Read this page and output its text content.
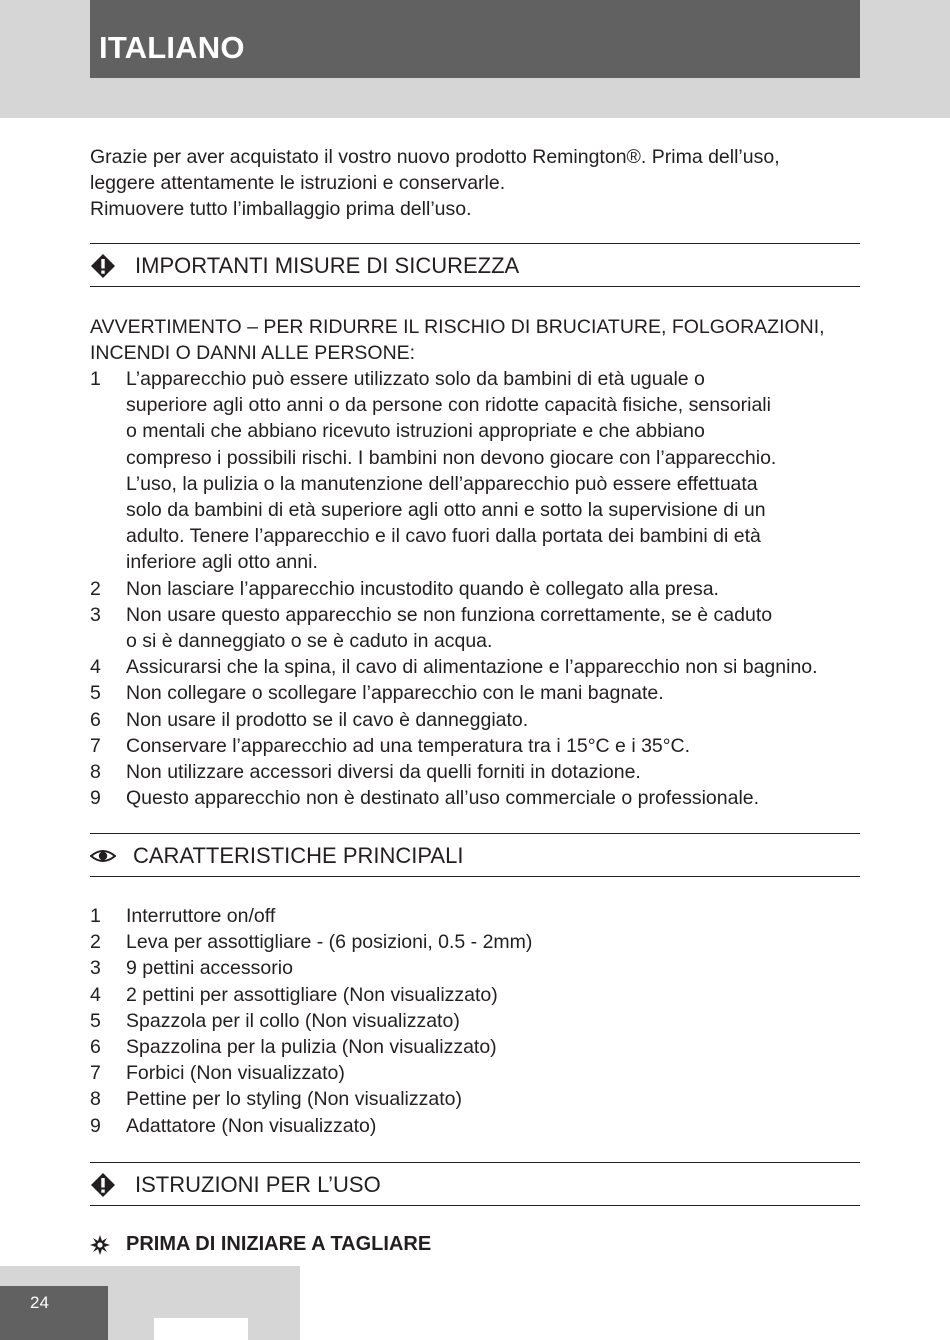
ITALIANO
Grazie per aver acquistato il vostro nuovo prodotto Remington®. Prima dell’uso,
leggere attentamente le istruzioni e conservarle.
Rimuovere tutto l’imballaggio prima dell’uso.
IMPORTANTI MISURE DI SICUREZZA
AVVERTIMENTO – PER RIDURRE IL RISCHIO DI BRUCIATURE, FOLGORAZIONI,
INCENDI O DANNI ALLE PERSONE:
1 L’apparecchio può essere utilizzato solo da bambini di età uguale o
superiore agli otto anni o da persone con ridotte capacità fisiche, sensoriali
o mentali che abbiano ricevuto istruzioni appropriate e che abbiano
compreso i possibili rischi. I bambini non devono giocare con l’apparecchio.
L’uso, la pulizia o la manutenzione dell’apparecchio può essere effettuata
solo da bambini di età superiore agli otto anni e sotto la supervisione di un
adulto. Tenere l’apparecchio e il cavo fuori dalla portata dei bambini di età
inferiore agli otto anni.
2 Non lasciare l’apparecchio incustodito quando è collegato alla presa.
3 Non usare questo apparecchio se non funziona correttamente, se è caduto
o si è danneggiato o se è caduto in acqua.
4 Assicurarsi che la spina, il cavo di alimentazione e l’apparecchio non si bagnino.
5 Non collegare o scollegare l’apparecchio con le mani bagnate.
6 Non usare il prodotto se il cavo è danneggiato.
7 Conservare l’apparecchio ad una temperatura tra i 15°C e i 35°C.
8 Non utilizzare accessori diversi da quelli forniti in dotazione.
9 Questo apparecchio non è destinato all’uso commerciale o professionale.
CARATTERISTICHE PRINCIPALI
1 Interruttore on/off
2 Leva per assottigliare - (6 posizioni, 0.5 - 2mm)
3 9 pettini accessorio
4 2 pettini per assottigliare (Non visualizzato)
5 Spazzola per il collo (Non visualizzato)
6 Spazzolina per la pulizia (Non visualizzato)
7 Forbici (Non visualizzato)
8 Pettine per lo styling (Non visualizzato)
9 Adattatore (Non visualizzato)
ISTRUZIONI PER L’USO
PRIMA DI INIZIARE A TAGLIARE
24
